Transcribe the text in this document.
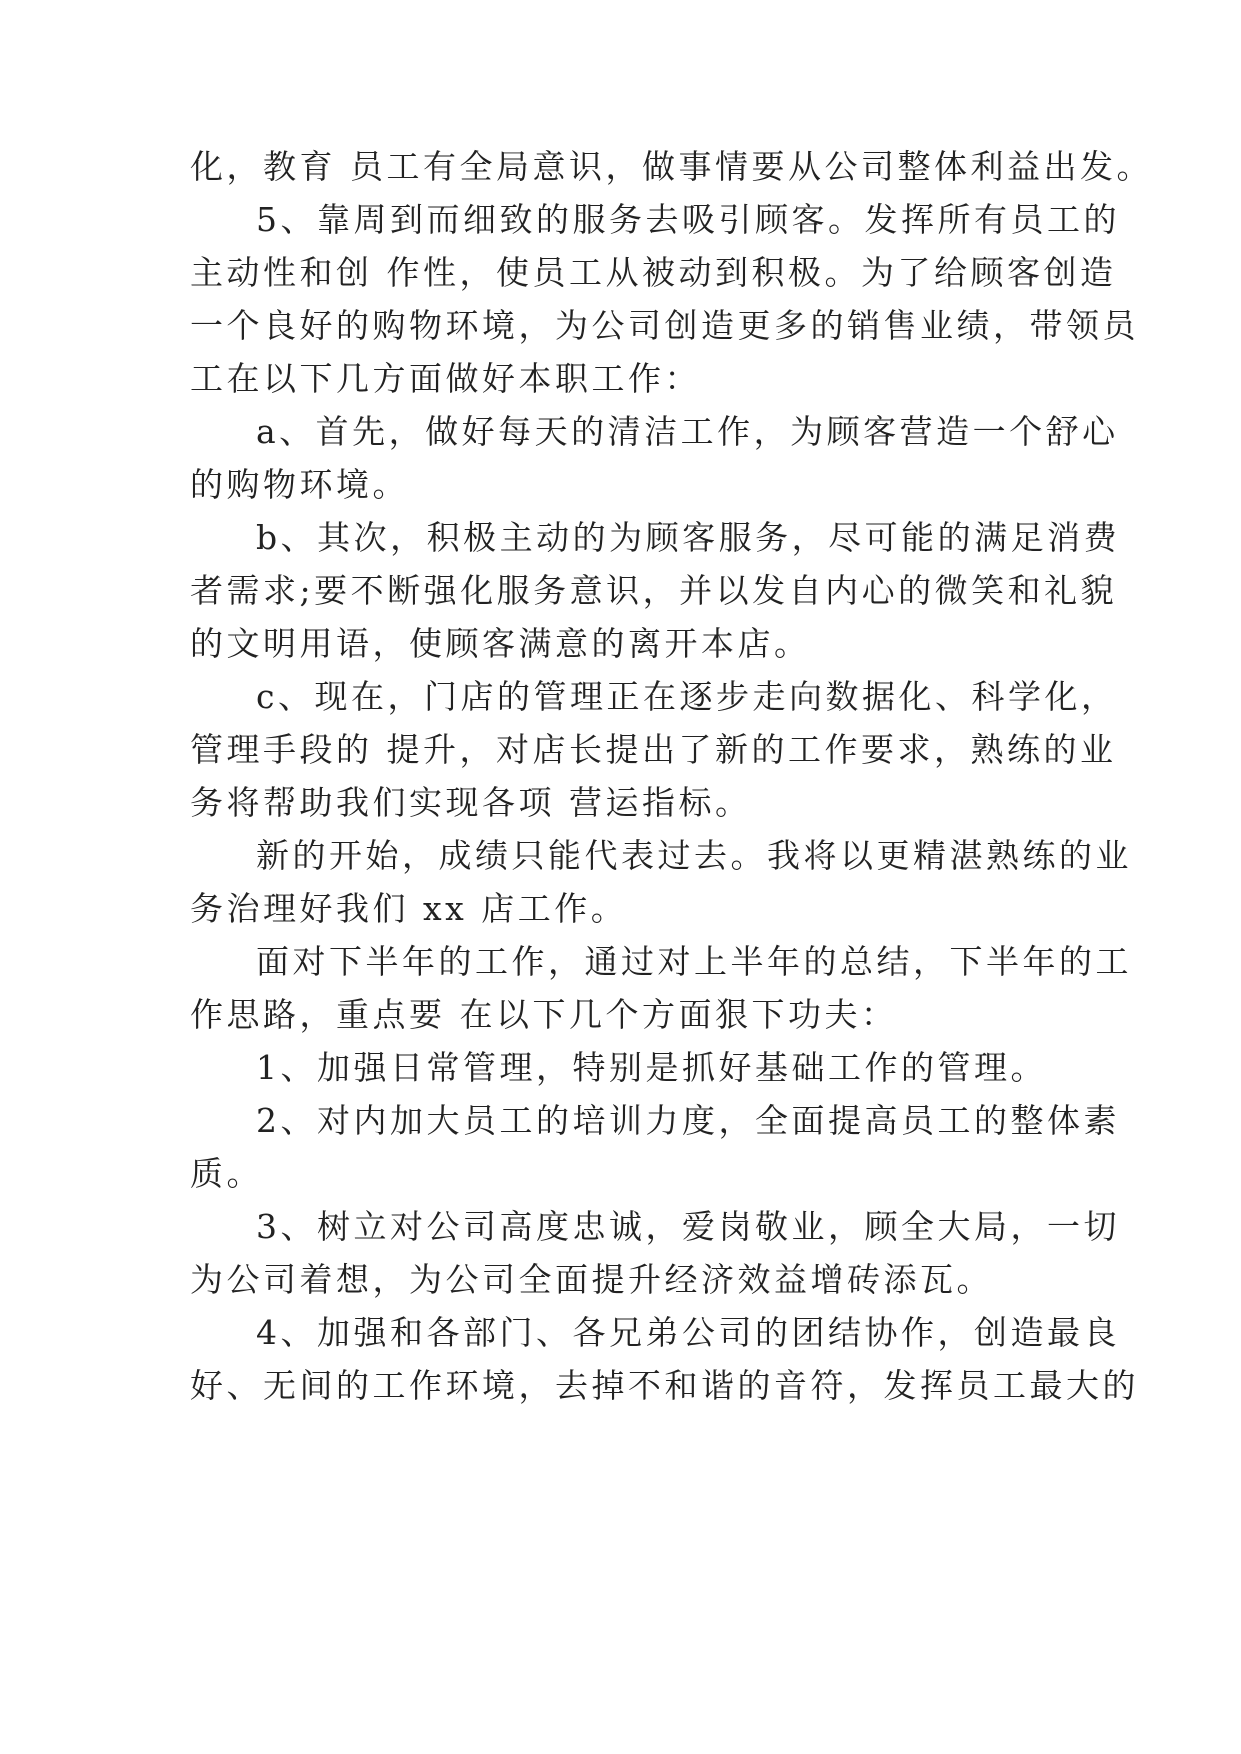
化，教育 员工有全局意识，做事情要从公司整体利益出发。
5、靠周到而细致的服务去吸引顾客。发挥所有员工的
主动性和创 作性，使员工从被动到积极。为了给顾客创造
一个良好的购物环境，为公司创造更多的销售业绩，带领员
工在以下几方面做好本职工作：
a、首先，做好每天的清洁工作，为顾客营造一个舒心
的购物环境。
b、其次，积极主动的为顾客服务，尽可能的满足消费
者需求;要不断强化服务意识，并以发自内心的微笑和礼貌
的文明用语，使顾客满意的离开本店。
c、现在，门店的管理正在逐步走向数据化、科学化，
管理手段的 提升，对店长提出了新的工作要求，熟练的业
务将帮助我们实现各项 营运指标。
新的开始，成绩只能代表过去。我将以更精湛熟练的业
务治理好我们 xx 店工作。
面对下半年的工作，通过对上半年的总结，下半年的工
作思路，重点要 在以下几个方面狠下功夫：
1、加强日常管理，特别是抓好基础工作的管理。
2、对内加大员工的培训力度，全面提高员工的整体素
质。
3、树立对公司高度忠诚，爱岗敬业，顾全大局，一切
为公司着想，为公司全面提升经济效益增砖添瓦。
4、加强和各部门、各兄弟公司的团结协作，创造最良
好、无间的工作环境，去掉不和谐的音符，发挥员工最大的
